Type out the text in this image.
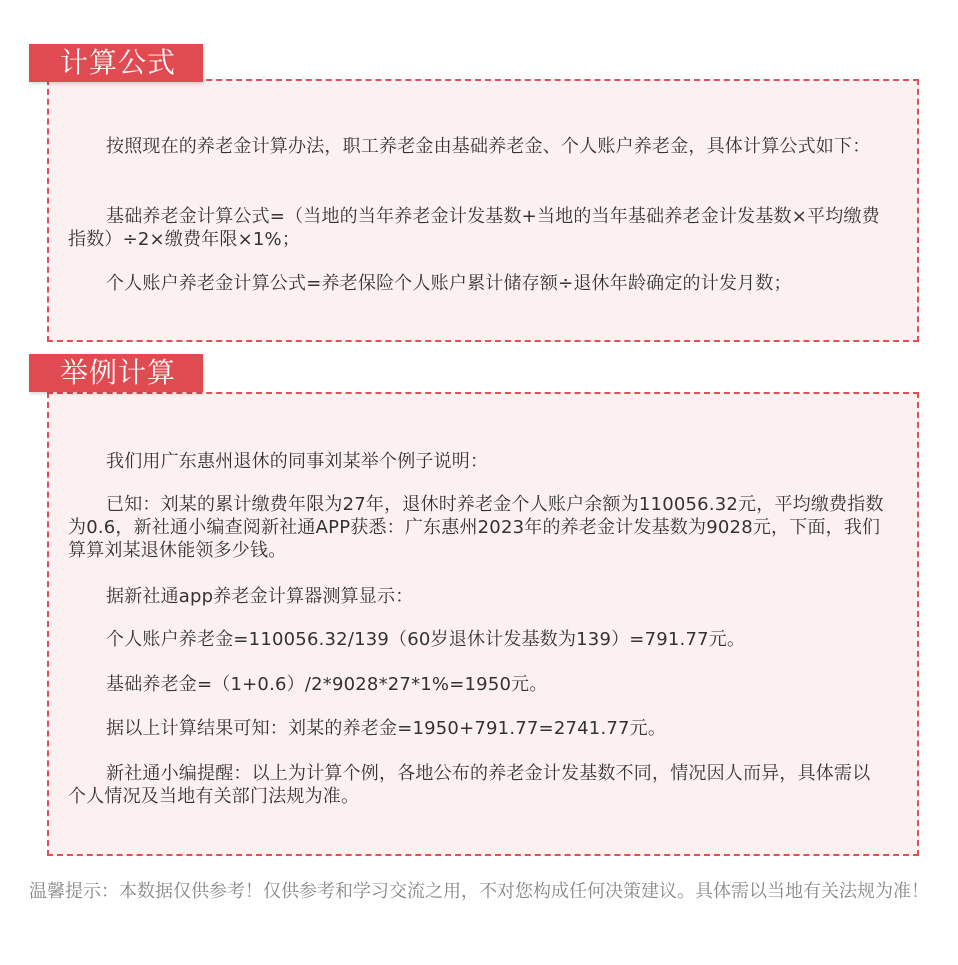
计算公式

按照现在的养老金计算办法，职工养老金由基础养老金、个人账户养老金，具体计算公式如下：

基础养老金计算公式=（当地的当年养老金计发基数+当地的当年基础养老金计发基数×平均缴费指数）÷2×缴费年限×1%；

个人账户养老金计算公式=养老保险个人账户累计储存额÷退休年龄确定的计发月数；

举例计算

我们用广东惠州退休的同事刘某举个例子说明：

已知：刘某的累计缴费年限为27年，退休时养老金个人账户余额为110056.32元，平均缴费指数为0.6，新社通小编查阅新社通APP获悉：广东惠州2023年的养老金计发基数为9028元，下面，我们算算刘某退休能领多少钱。

据新社通app养老金计算器测算显示：

个人账户养老金=110056.32/139（60岁退休计发基数为139）=791.77元。

基础养老金=（1+0.6）/2*9028*27*1%=1950元。

据以上计算结果可知：刘某的养老金=1950+791.77=2741.77元。

新社通小编提醒：以上为计算个例，各地公布的养老金计发基数不同，情况因人而异，具体需以个人情况及当地有关部门法规为准。

温馨提示：本数据仅供参考！仅供参考和学习交流之用，不对您构成任何决策建议。具体需以当地有关法规为准！
